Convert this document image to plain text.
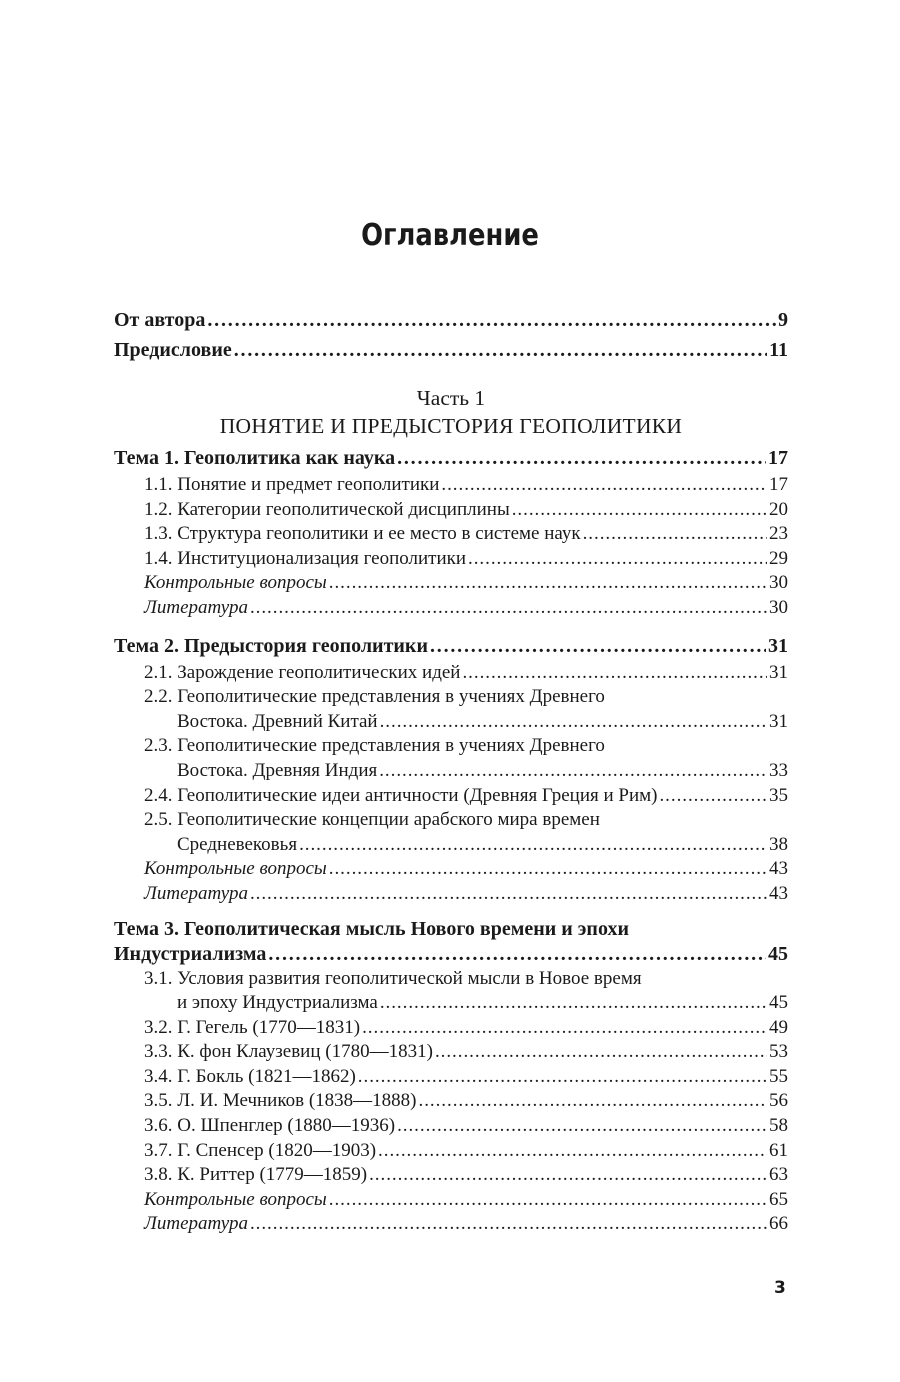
Оглавление
От автора . . .	9
Предисловие . . .	11
Часть 1
ПОНЯТИЕ И ПРЕДЫСТОРИЯ ГЕОПОЛИТИКИ
Тема 1. Геополитика как наука . . .	17
1.1. Понятие и предмет геополитики . . .	17
1.2. Категории геополитической дисциплины . . .	20
1.3. Структура геополитики и ее место в системе наук . . .	23
1.4. Институционализация геополитики . . .	29
Контрольные вопросы . . .	30
Литература . . .	30
Тема 2. Предыстория геополитики . . .	31
2.1. Зарождение геополитических идей . . .	31
2.2. Геополитические представления в учениях Древнего
Востока. Древний Китай . . .	31
2.3. Геополитические представления в учениях Древнего
Востока. Древняя Индия . . .	33
2.4. Геополитические идеи античности (Древняя Греция и Рим) . . .	35
2.5. Геополитические концепции арабского мира времен
Средневековья . . .	38
Контрольные вопросы . . .	43
Литература . . .	43
Тема 3. Геополитическая мысль Нового времени и эпохи
Индустриализма . . .	45
3.1. Условия развития геополитической мысли в Новое время
и эпоху Индустриализма . . .	45
3.2. Г. Гегель (1770—1831) . . .	49
3.3. К. фон Клаузевиц (1780—1831) . . .	53
3.4. Г. Бокль (1821—1862) . . .	55
3.5. Л. И. Мечников (1838—1888) . . .	56
3.6. О. Шпенглер (1880—1936) . . .	58
3.7. Г. Спенсер (1820—1903) . . .	61
3.8. К. Риттер (1779—1859) . . .	63
Контрольные вопросы . . .	65
Литература . . .	66
3
